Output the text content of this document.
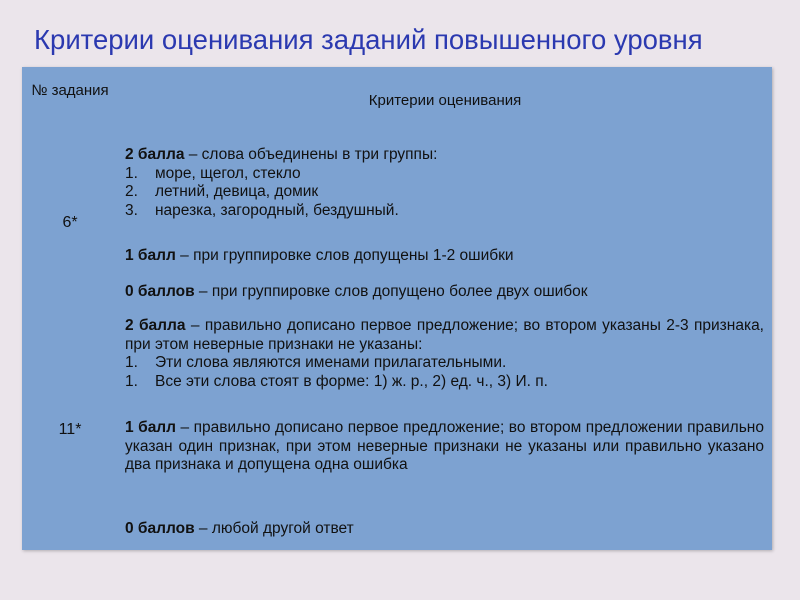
Критерии оценивания заданий повышенного уровня
№ задания
Критерии оценивания
6*
2 балла – слова объединены в три группы:
1.	море, щегол, стекло
2.	летний, девица, домик
3.	нарезка, загородный, бездушный.
1 балл – при группировке слов допущены 1-2 ошибки
0 баллов – при группировке слов допущено более двух ошибок
11*
2 балла – правильно дописано первое предложение; во втором указаны 2-3 признака, при этом неверные признаки не указаны:
1.	Эти слова являются именами прилагательными.
1.	Все эти слова стоят в форме: 1) ж. р., 2) ед. ч., 3) И. п.
1 балл – правильно дописано первое предложение; во втором предложении правильно указан один признак, при этом неверные признаки не указаны или правильно указано два признака и допущена одна ошибка
0 баллов – любой другой ответ
